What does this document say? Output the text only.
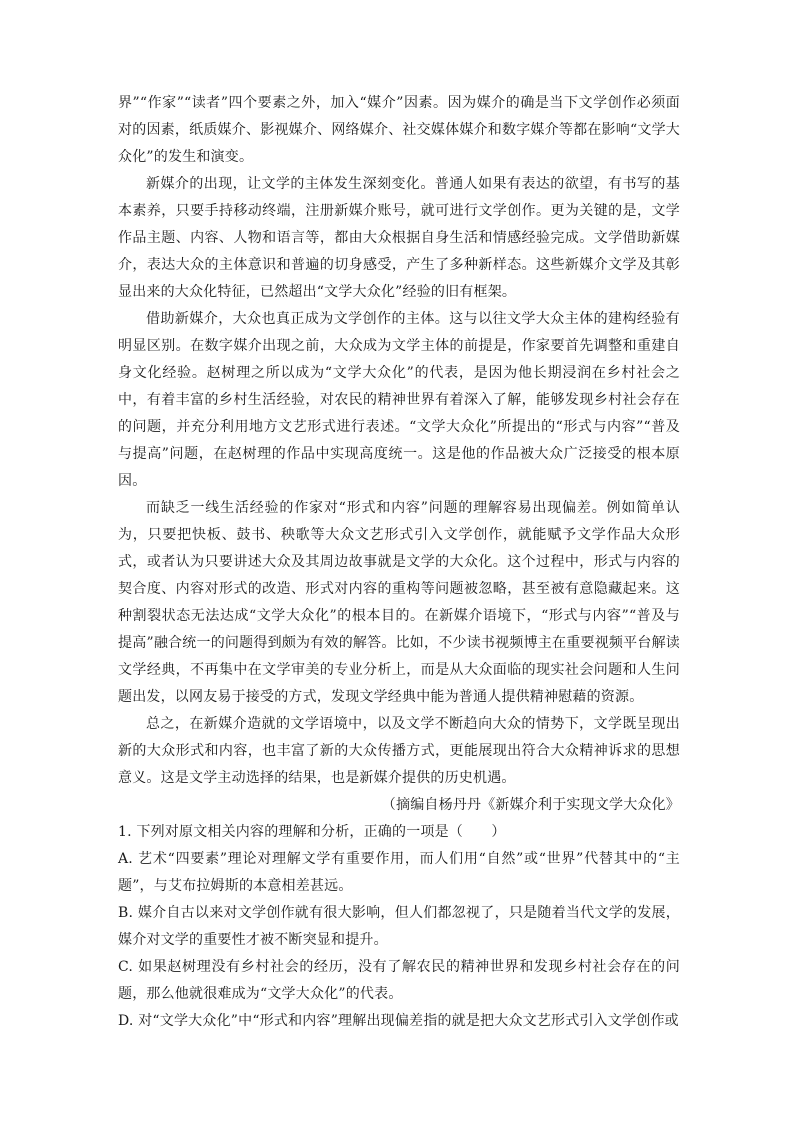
界”“作家”“读者”四个要素之外，加入“媒介”因素。因为媒介的确是当下文学创作必须面对的因素，纸质媒介、影视媒介、网络媒介、社交媒体媒介和数字媒介等都在影响“文学大众化”的发生和演变。

新媒介的出现，让文学的主体发生深刻变化。普通人如果有表达的欲望，有书写的基本素养，只要手持移动终端，注册新媒介账号，就可进行文学创作。更为关键的是，文学作品主题、内容、人物和语言等，都由大众根据自身生活和情感经验完成。文学借助新媒介，表达大众的主体意识和普遍的切身感受，产生了多种新样态。这些新媒介文学及其彰显出来的大众化特征，已然超出“文学大众化”经验的旧有框架。

借助新媒介，大众也真正成为文学创作的主体。这与以往文学大众主体的建构经验有明显区别。在数字媒介出现之前，大众成为文学主体的前提是，作家要首先调整和重建自身文化经验。赵树理之所以成为“文学大众化”的代表，是因为他长期浸润在乡村社会之中，有着丰富的乡村生活经验，对农民的精神世界有着深入了解，能够发现乡村社会存在的问题，并充分利用地方文艺形式进行表述。“文学大众化”所提出的“形式与内容”“普及与提高”问题，在赵树理的作品中实现高度统一。这是他的作品被大众广泛接受的根本原因。

而缺乏一线生活经验的作家对“形式和内容”问题的理解容易出现偏差。例如简单认为，只要把快板、鼓书、秧歌等大众文艺形式引入文学创作，就能赋予文学作品大众形式，或者认为只要讲述大众及其周边故事就是文学的大众化。这个过程中，形式与内容的契合度、内容对形式的改造、形式对内容的重构等问题被忽略，甚至被有意隐藏起来。这种割裂状态无法达成“文学大众化”的根本目的。在新媒介语境下，“形式与内容”“普及与提高”融合统一的问题得到颇为有效的解答。比如，不少读书视频博主在重要视频平台解读文学经典，不再集中在文学审美的专业分析上，而是从大众面临的现实社会问题和人生问题出发，以网友易于接受的方式，发现文学经典中能为普通人提供精神慰藉的资源。

总之，在新媒介造就的文学语境中，以及文学不断趋向大众的情势下，文学既呈现出新的大众形式和内容，也丰富了新的大众传播方式，更能展现出符合大众精神诉求的思想意义。这是文学主动选择的结果，也是新媒介提供的历史机遇。

（摘编自杨丹丹《新媒介利于实现文学大众化》

1. 下列对原文相关内容的理解和分析，正确的一项是（　　）

A. 艺术“四要素”理论对理解文学有重要作用，而人们用“自然”或“世界”代替其中的“主题”，与艾布拉姆斯的本意相差甚远。

B. 媒介自古以来对文学创作就有很大影响，但人们都忽视了，只是随着当代文学的发展，媒介对文学的重要性才被不断突显和提升。

C. 如果赵树理没有乡村社会的经历，没有了解农民的精神世界和发现乡村社会存在的问题，那么他就很难成为“文学大众化”的代表。

D. 对“文学大众化”中“形式和内容”理解出现偏差指的就是把大众文艺形式引入文学创作或
